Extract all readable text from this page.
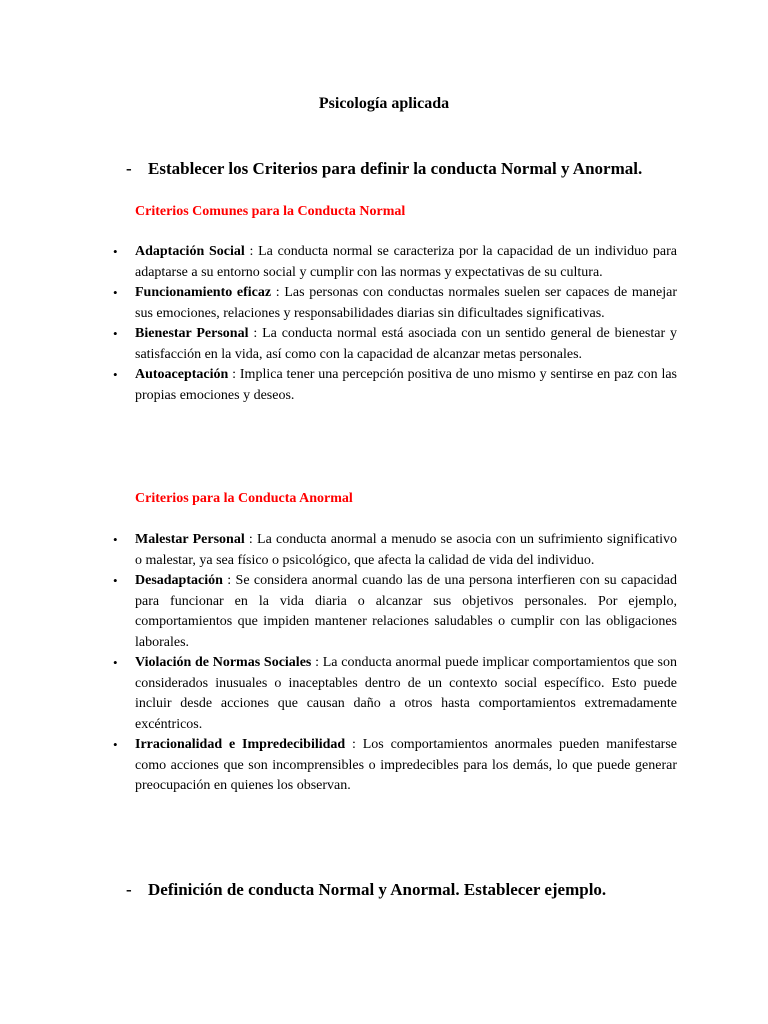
Psicología aplicada
- Establecer los Criterios para definir la conducta Normal y Anormal.
Criterios Comunes para la Conducta Normal
• Adaptación Social : La conducta normal se caracteriza por la capacidad de un individuo para adaptarse a su entorno social y cumplir con las normas y expectativas de su cultura.
• Funcionamiento eficaz : Las personas con conductas normales suelen ser capaces de manejar sus emociones, relaciones y responsabilidades diarias sin dificultades significativas.
• Bienestar Personal : La conducta normal está asociada con un sentido general de bienestar y satisfacción en la vida, así como con la capacidad de alcanzar metas personales.
• Autoaceptación : Implica tener una percepción positiva de uno mismo y sentirse en paz con las propias emociones y deseos.
Criterios para la Conducta Anormal
• Malestar Personal : La conducta anormal a menudo se asocia con un sufrimiento significativo o malestar, ya sea físico o psicológico, que afecta la calidad de vida del individuo.
• Desadaptación : Se considera anormal cuando las de una persona interfieren con su capacidad para funcionar en la vida diaria o alcanzar sus objetivos personales. Por ejemplo, comportamientos que impiden mantener relaciones saludables o cumplir con las obligaciones laborales.
• Violación de Normas Sociales : La conducta anormal puede implicar comportamientos que son considerados inusuales o inaceptables dentro de un contexto social específico. Esto puede incluir desde acciones que causan daño a otros hasta comportamientos extremadamente excéntricos.
• Irracionalidad e Impredecibilidad : Los comportamientos anormales pueden manifestarse como acciones que son incomprensibles o impredecibles para los demás, lo que puede generar preocupación en quienes los observan.
- Definición de conducta Normal y Anormal. Establecer ejemplo.
